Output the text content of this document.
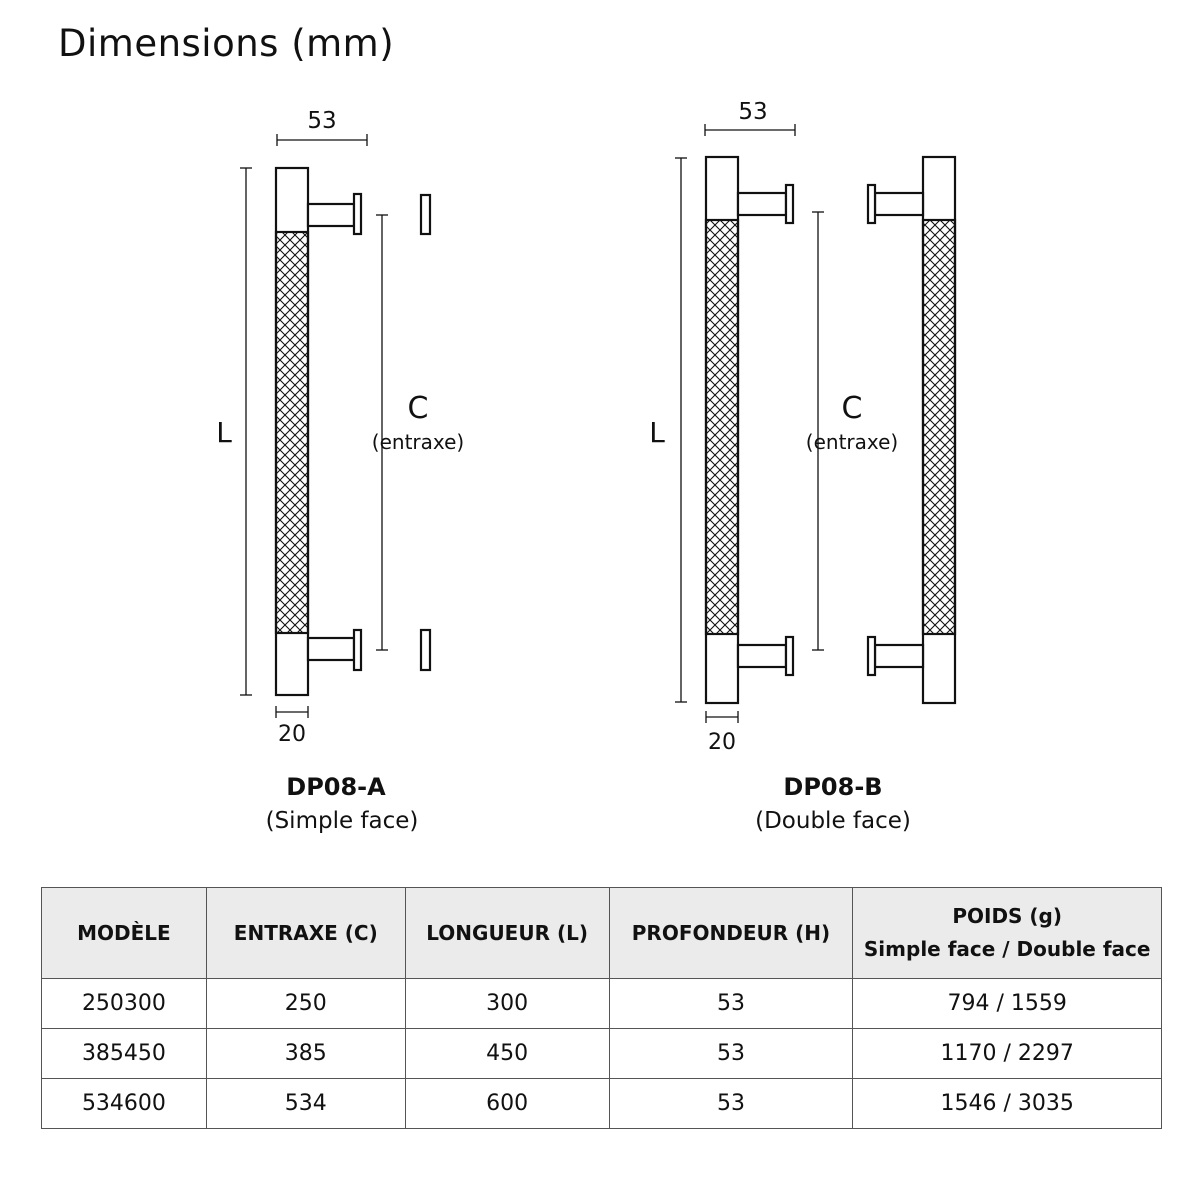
Dimensions (mm)
53
L
C
(entraxe)
20
53
L
C
(entraxe)
20
DP08-A
(Simple face)
DP08-B
(Double face)
MODÈLE	ENTRAXE (C)	LONGUEUR (L)	PROFONDEUR (H)	POIDS (g)
Simple face / Double face

250300	250	300	53	794 / 1559
385450	385	450	53	1170 / 2297
534600	534	600	53	1546 / 3035
